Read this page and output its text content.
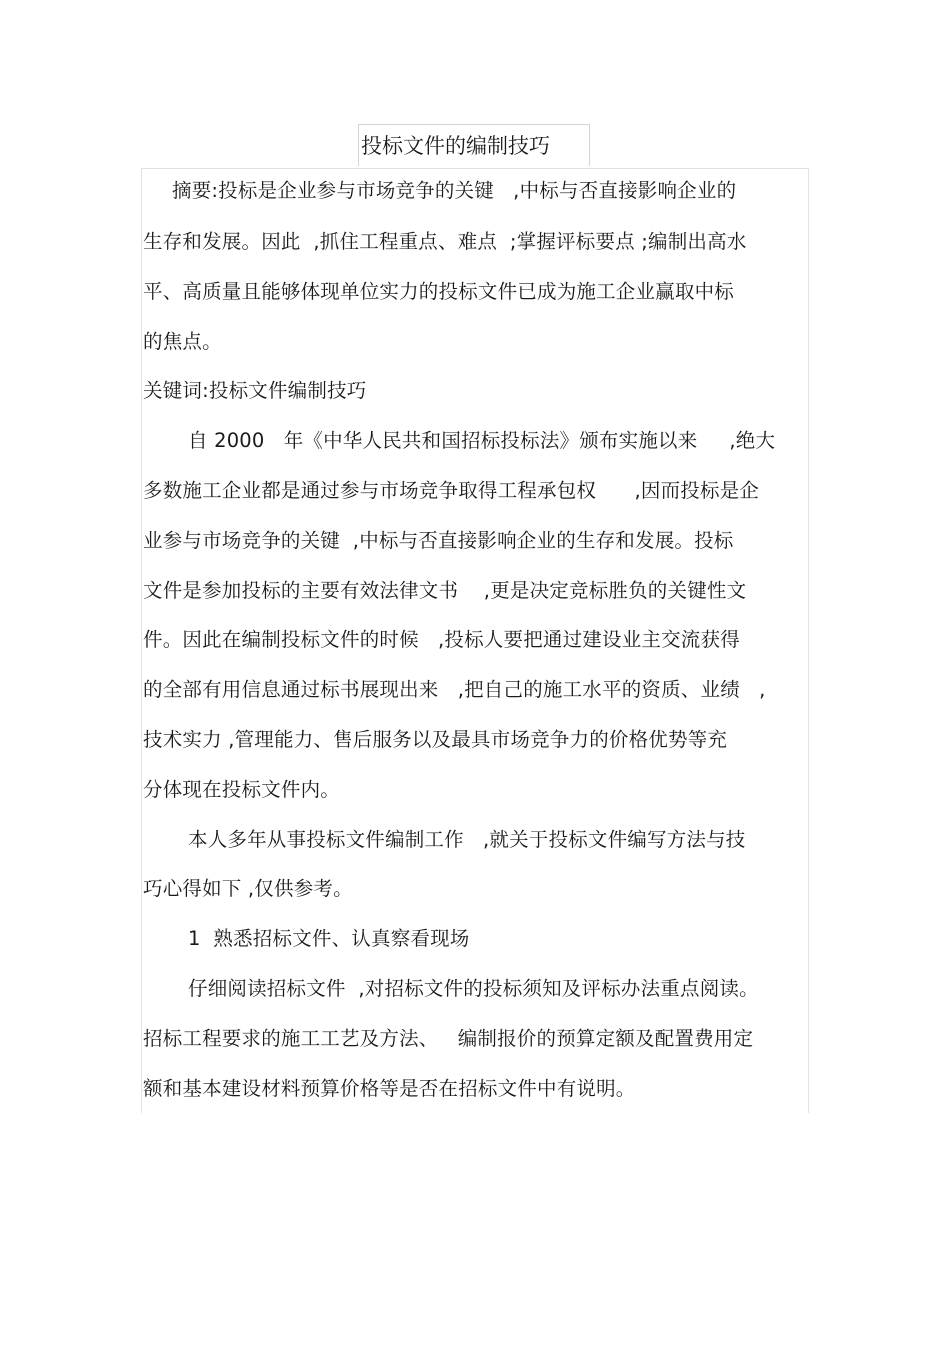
投标文件的编制技巧
摘要:投标是企业参与市场竞争的关键   ,中标与否直接影响企业的
生存和发展。因此  ,抓住工程重点、难点  ;掌握评标要点 ;编制出高水
平、高质量且能够体现单位实力的投标文件已成为施工企业赢取中标
的焦点。
关键词:投标文件编制技巧
自 2000   年《中华人民共和国招标投标法》颁布实施以来     ,绝大
多数施工企业都是通过参与市场竞争取得工程承包权      ,因而投标是企
业参与市场竞争的关键  ,中标与否直接影响企业的生存和发展。投标
文件是参加投标的主要有效法律文书    ,更是决定竞标胜负的关键性文
件。因此在编制投标文件的时候   ,投标人要把通过建设业主交流获得
的全部有用信息通过标书展现出来   ,把自己的施工水平的资质、业绩   ,
技术实力 ,管理能力、售后服务以及最具市场竞争力的价格优势等充
分体现在投标文件内。
本人多年从事投标文件编制工作   ,就关于投标文件编写方法与技
巧心得如下 ,仅供参考。
1  熟悉招标文件、认真察看现场
仔细阅读招标文件  ,对招标文件的投标须知及评标办法重点阅读。
招标工程要求的施工工艺及方法、   编制报价的预算定额及配置费用定
额和基本建设材料预算价格等是否在招标文件中有说明。
